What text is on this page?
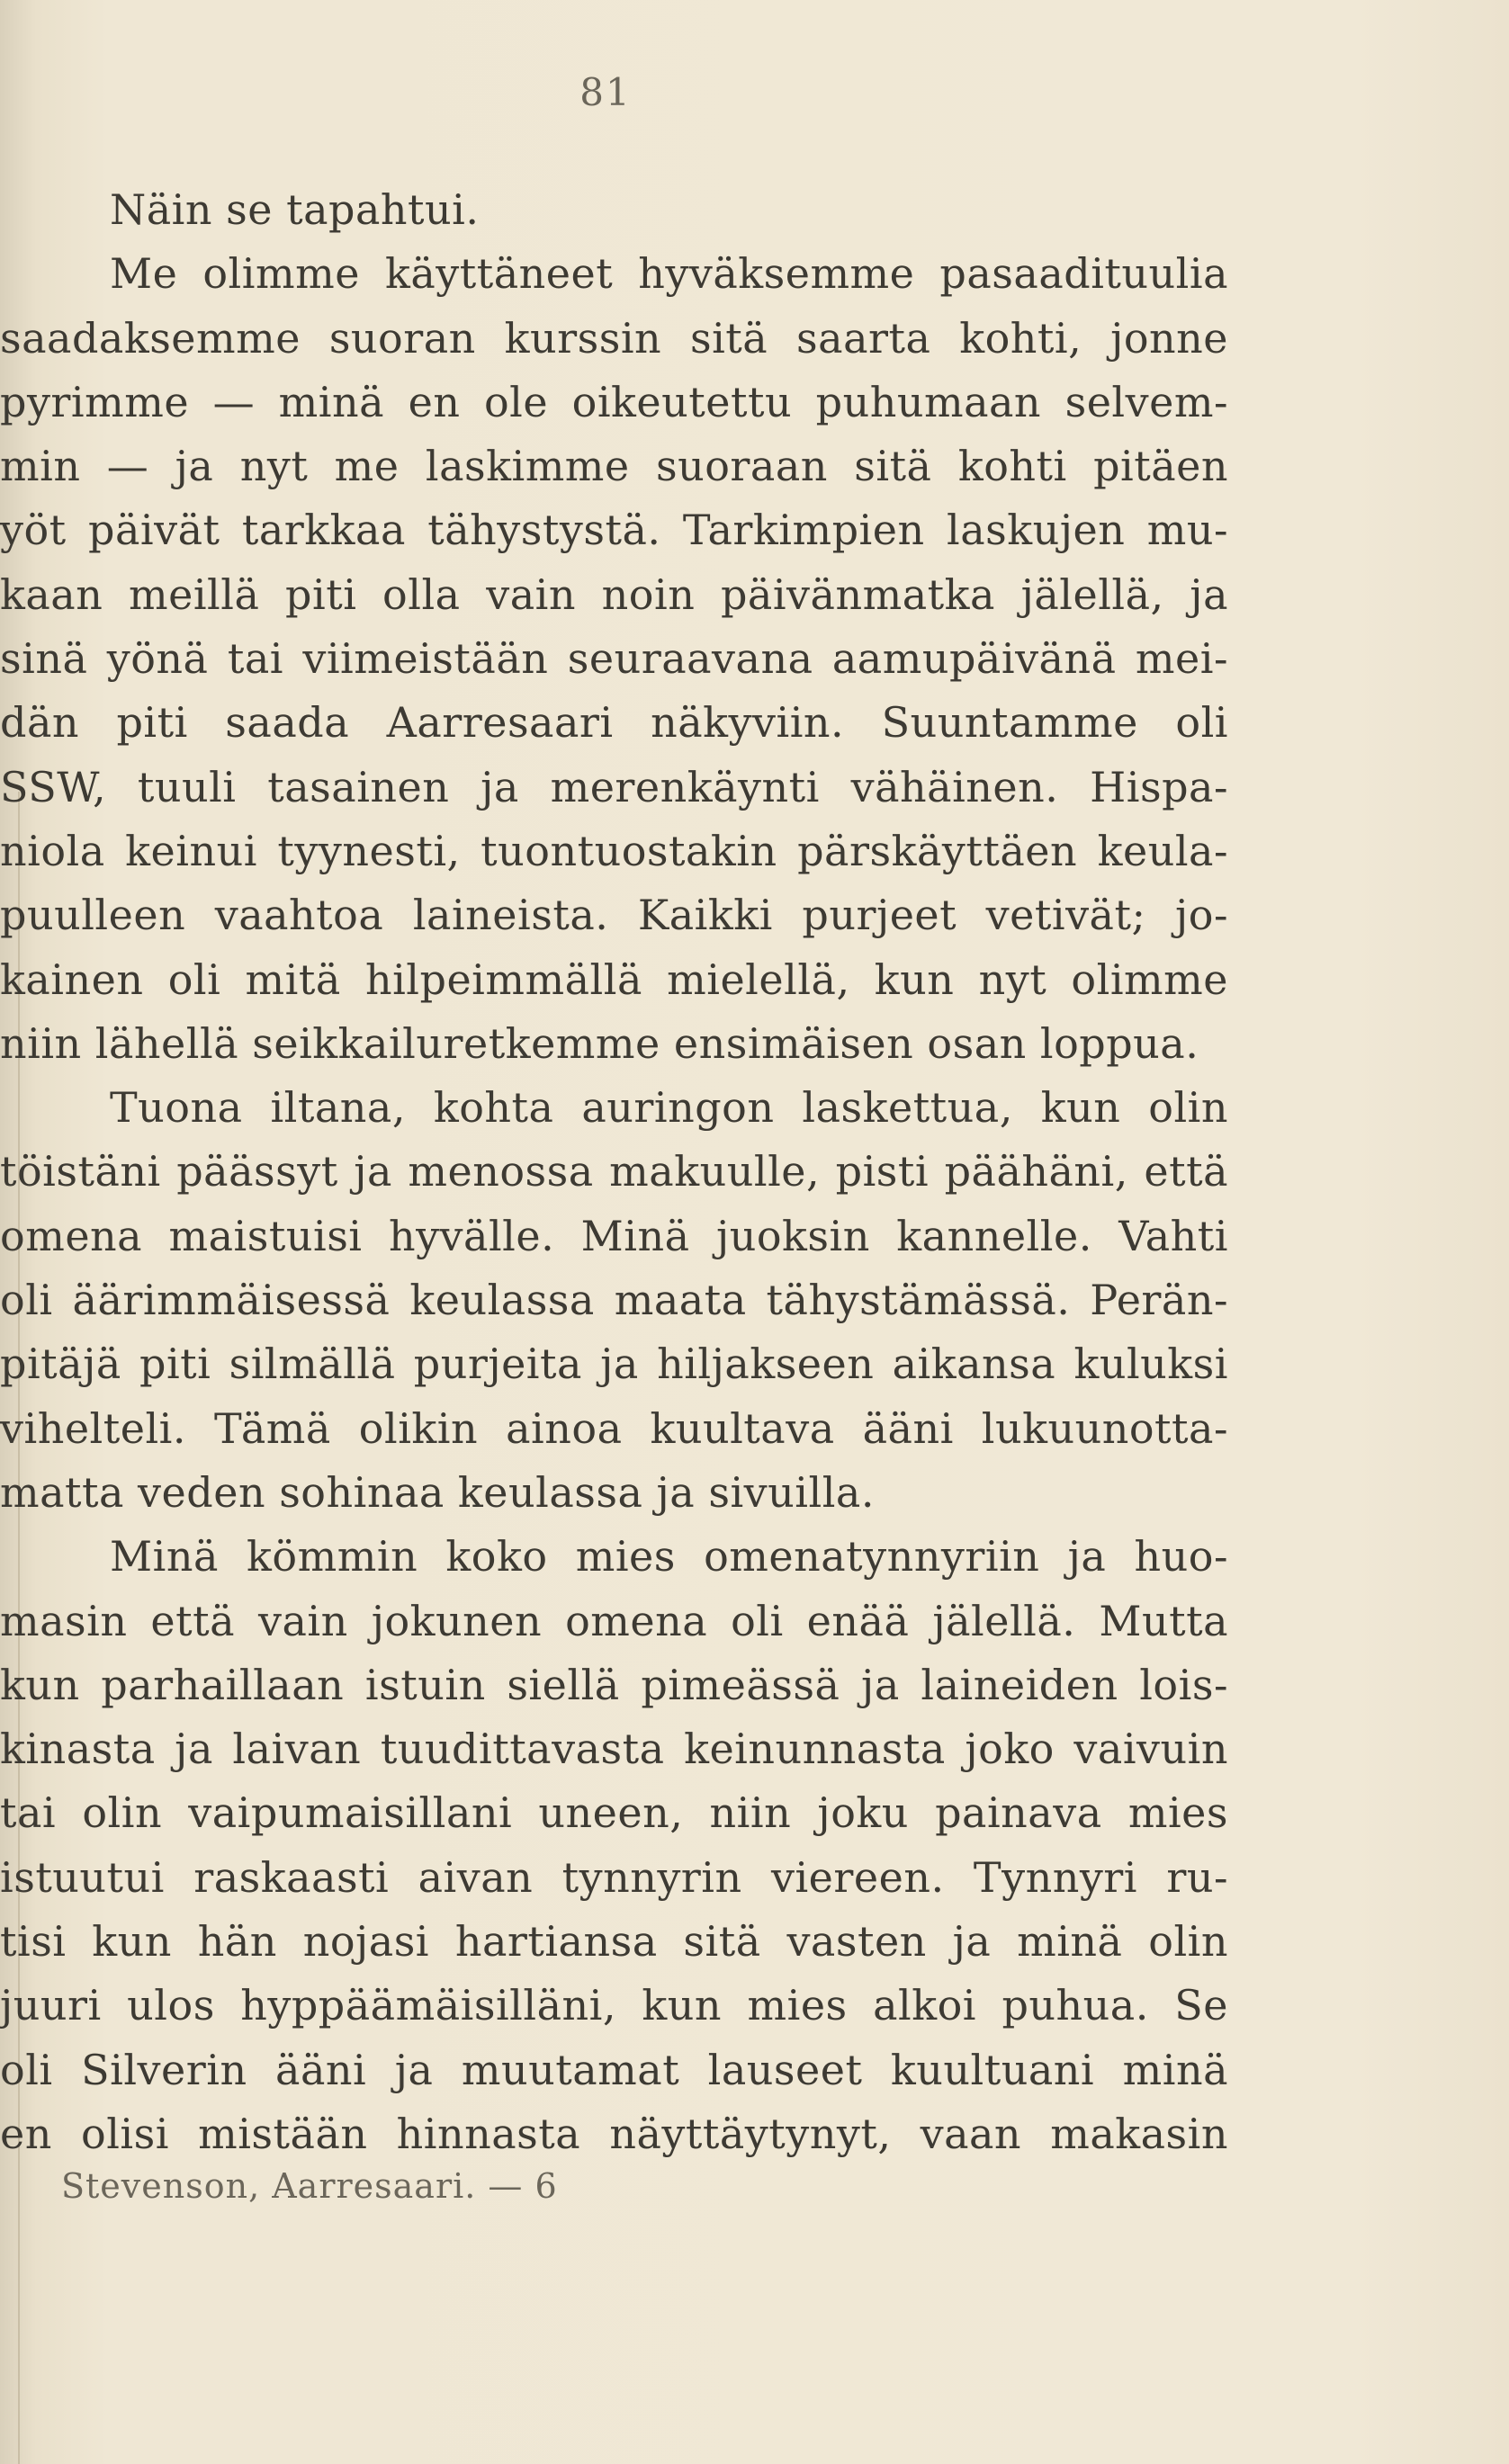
81
Näin se tapahtui.
Me olimme käyttäneet hyväksemme pasaadituulia
saadaksemme suoran kurssin sitä saarta kohti, jonne
pyrimme — minä en ole oikeutettu puhumaan selvem-
min — ja nyt me laskimme suoraan sitä kohti pitäen
yöt päivät tarkkaa tähystystä. Tarkimpien laskujen mu-
kaan meillä piti olla vain noin päivänmatka jälellä, ja
sinä yönä tai viimeistään seuraavana aamupäivänä mei-
dän piti saada Aarresaari näkyviin. Suuntamme oli
SSW, tuuli tasainen ja merenkäynti vähäinen. Hispa-
niola keinui tyynesti, tuontuostakin pärskäyttäen keula-
puulleen vaahtoa laineista. Kaikki purjeet vetivät; jo-
kainen oli mitä hilpeimmällä mielellä, kun nyt olimme
niin lähellä seikkailuretkemme ensimäisen osan loppua.
Tuona iltana, kohta auringon laskettua, kun olin
töistäni päässyt ja menossa makuulle, pisti päähäni, että
omena maistuisi hyvälle. Minä juoksin kannelle. Vahti
oli äärimmäisessä keulassa maata tähystämässä. Perän-
pitäjä piti silmällä purjeita ja hiljakseen aikansa kuluksi
vihelteli. Tämä olikin ainoa kuultava ääni lukuunotta-
matta veden sohinaa keulassa ja sivuilla.
Minä kömmin koko mies omenatynnyriin ja huo-
masin että vain jokunen omena oli enää jälellä. Mutta
kun parhaillaan istuin siellä pimeässä ja laineiden lois-
kinasta ja laivan tuudittavasta keinunnasta joko vaivuin
tai olin vaipumaisillani uneen, niin joku painava mies
istuutui raskaasti aivan tynnyrin viereen. Tynnyri ru-
tisi kun hän nojasi hartiansa sitä vasten ja minä olin
juuri ulos hyppäämäisilläni, kun mies alkoi puhua. Se
oli Silverin ääni ja muutamat lauseet kuultuani minä
en olisi mistään hinnasta näyttäytynyt, vaan makasin
Stevenson, Aarresaari. — 6
